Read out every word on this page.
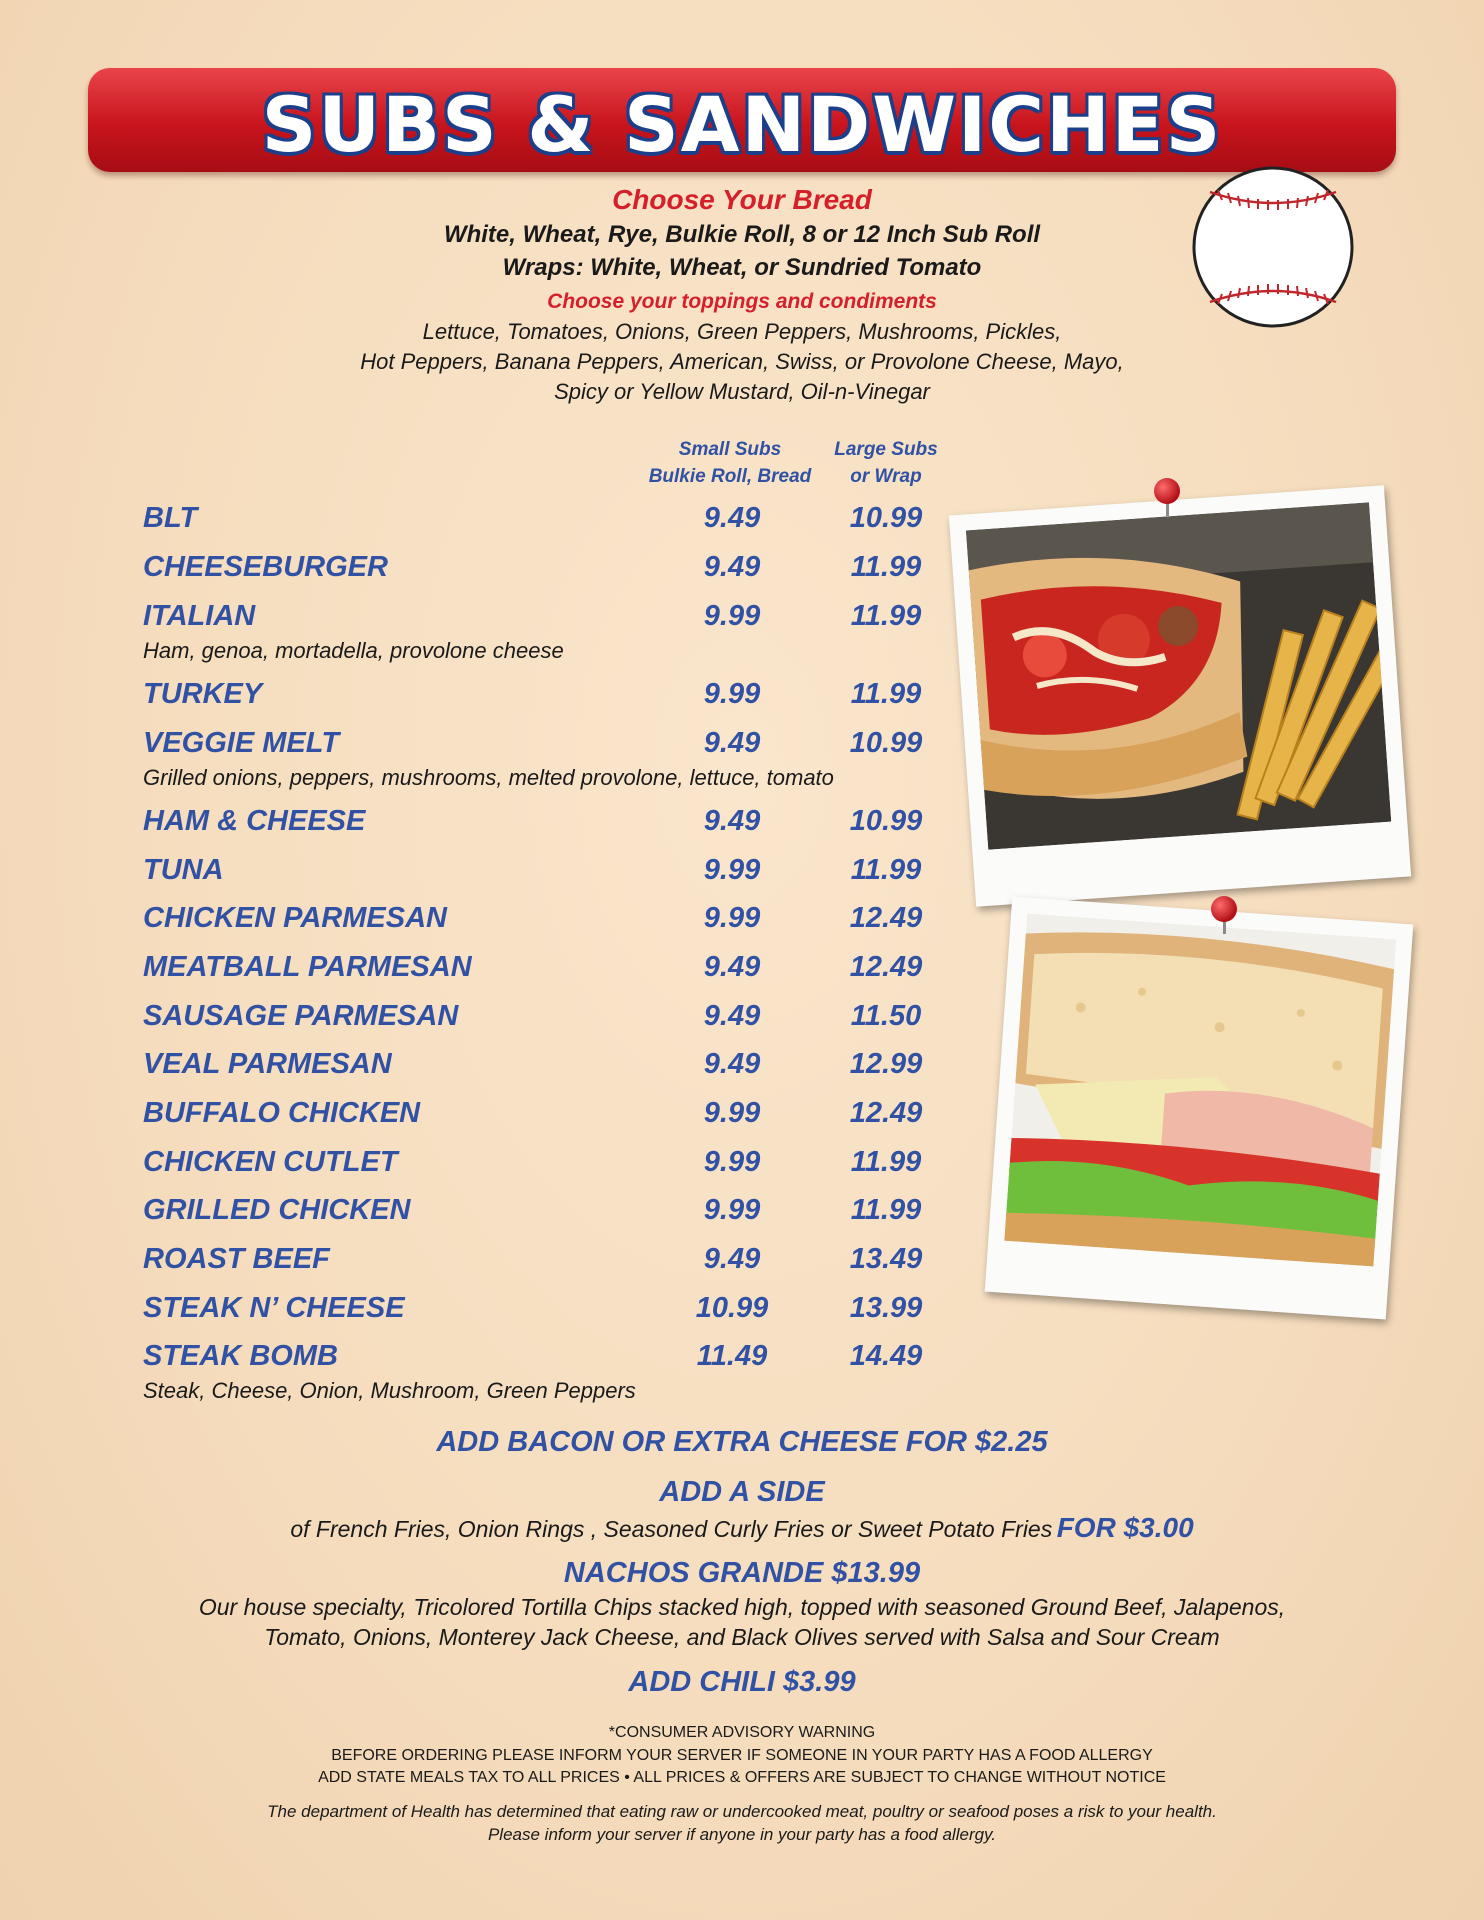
SUBS & SANDWICHES
Choose Your Bread
White, Wheat, Rye, Bulkie Roll, 8 or 12 Inch Sub Roll
Wraps: White, Wheat, or Sundried Tomato
Choose your toppings and condiments
Lettuce, Tomatoes, Onions, Green Peppers, Mushrooms, Pickles,
Hot Peppers, Banana Peppers, American, Swiss, or Provolone Cheese, Mayo,
Spicy or Yellow Mustard, Oil-n-Vinegar
Small Subs
Bulkie Roll, Bread
Large Subs
or Wrap
BLT	9.49	10.99
CHEESEBURGER	9.49	11.99
ITALIAN	9.99	11.99
Ham, genoa, mortadella, provolone cheese
TURKEY	9.99	11.99
VEGGIE MELT	9.49	10.99
Grilled onions, peppers, mushrooms, melted provolone, lettuce, tomato
HAM & CHEESE	9.49	10.99
TUNA	9.99	11.99
CHICKEN PARMESAN	9.99	12.49
MEATBALL PARMESAN	9.49	12.49
SAUSAGE PARMESAN	9.49	11.50
VEAL PARMESAN	9.49	12.99
BUFFALO CHICKEN	9.99	12.49
CHICKEN CUTLET	9.99	11.99
GRILLED CHICKEN	9.99	11.99
ROAST BEEF	9.49	13.49
STEAK N’ CHEESE	10.99	13.99
STEAK BOMB	11.49	14.49
Steak, Cheese, Onion, Mushroom, Green Peppers
ADD BACON OR EXTRA CHEESE FOR $2.25
ADD A SIDE
of French Fries, Onion Rings , Seasoned Curly Fries or Sweet Potato Fries FOR $3.00
NACHOS GRANDE $13.99
Our house specialty, Tricolored Tortilla Chips stacked high, topped with seasoned Ground Beef, Jalapenos,
Tomato, Onions, Monterey Jack Cheese, and Black Olives served with Salsa and Sour Cream
ADD CHILI $3.99
*CONSUMER ADVISORY WARNING
BEFORE ORDERING PLEASE INFORM YOUR SERVER IF SOMEONE IN YOUR PARTY HAS A FOOD ALLERGY
ADD STATE MEALS TAX TO ALL PRICES • ALL PRICES & OFFERS ARE SUBJECT TO CHANGE WITHOUT NOTICE
The department of Health has determined that eating raw or undercooked meat, poultry or seafood poses a risk to your health.
Please inform your server if anyone in your party has a food allergy.
